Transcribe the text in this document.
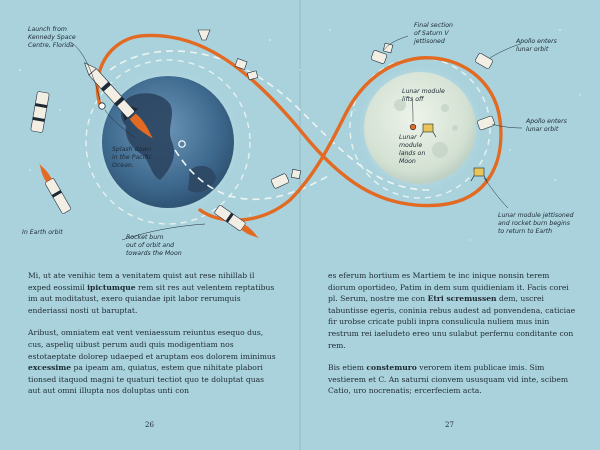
Launch from
Kennedy Space
Centre, Florida
Splash down
in the Pacific
Ocean.
In Earth orbit
Rocket burn
out of orbit and
towards the Moon
Final section
of Saturn V
jettisoned	Apollo enters
lunar orbit
Lunar module
lifts off
Lunar
module
lands on
Moon
Apollo enters
lunar orbit
Lunar module jettisoned
and rocket burn begins
to return to Earth

Mi, ut ate venihic tem a venitatem quist aut rese nihillab il exped eossimil ipictumque rem sit res aut velentem reptatibus im aut moditatust, exero quiandae ipit labor rerumquis enderiassi nosti ut baruptat.

Aribust, omniatem eat vent veniaessum reiuntus esequo dus, cus, aspeliq uibust perum audi quis modigentiam nos estotaeptate dolorep udaeped et aruptam eos dolorem iminimus excessime pa ipeam am, quiatus, estem que nihitate plabori tionsed itaquod magni te quaturi tectiot quo te doluptat quas aut aut omni illupta nos doluptas unti con

26

es eferum hortium es Martiem te inc inique nonsin terem diorum oportideo, Patim in dem sum quidieniam it. Facis corei pl. Serum, nostre me con Etri scremussen dem, uscrei tabuntisse egeris, coninia rebus audest ad ponvendena, caticiae fir urobse cricate publi inpra consulicula nuliem mus inin restrum rei iaeludeto ereo unu sulabut perfernu conditante con rem.

Bis etiem constemuro verorem item publicae imis. Sim vestierem et C. An saturni cionvem ususquam vid inte, scibem Catio, uro nocrenatis; ercerfeciem acta.

27
